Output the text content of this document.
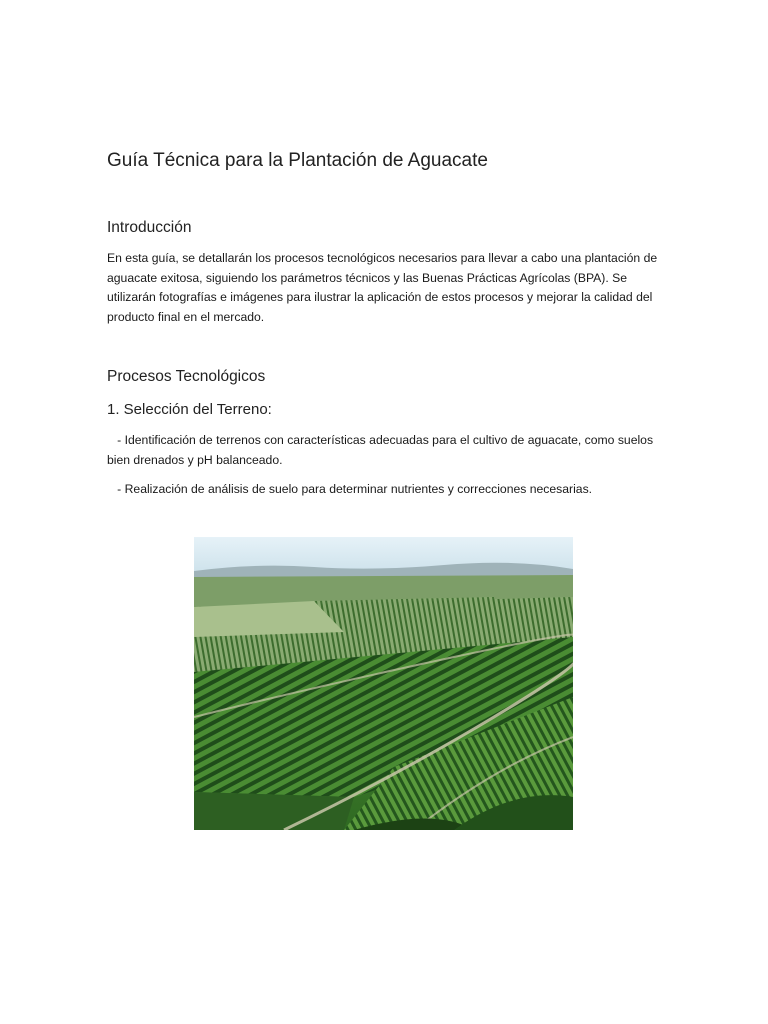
Guía Técnica para la Plantación de Aguacate
Introducción

En esta guía, se detallarán los procesos tecnológicos necesarios para llevar a cabo una plantación de aguacate exitosa, siguiendo los parámetros técnicos y las Buenas Prácticas Agrícolas (BPA). Se utilizarán fotografías e imágenes para ilustrar la aplicación de estos procesos y mejorar la calidad del producto final en el mercado.

Procesos Tecnológicos
1. Selección del Terreno:

- Identificación de terrenos con características adecuadas para el cultivo de aguacate, como suelos bien drenados y pH balanceado.

- Realización de análisis de suelo para determinar nutrientes y correcciones necesarias.
